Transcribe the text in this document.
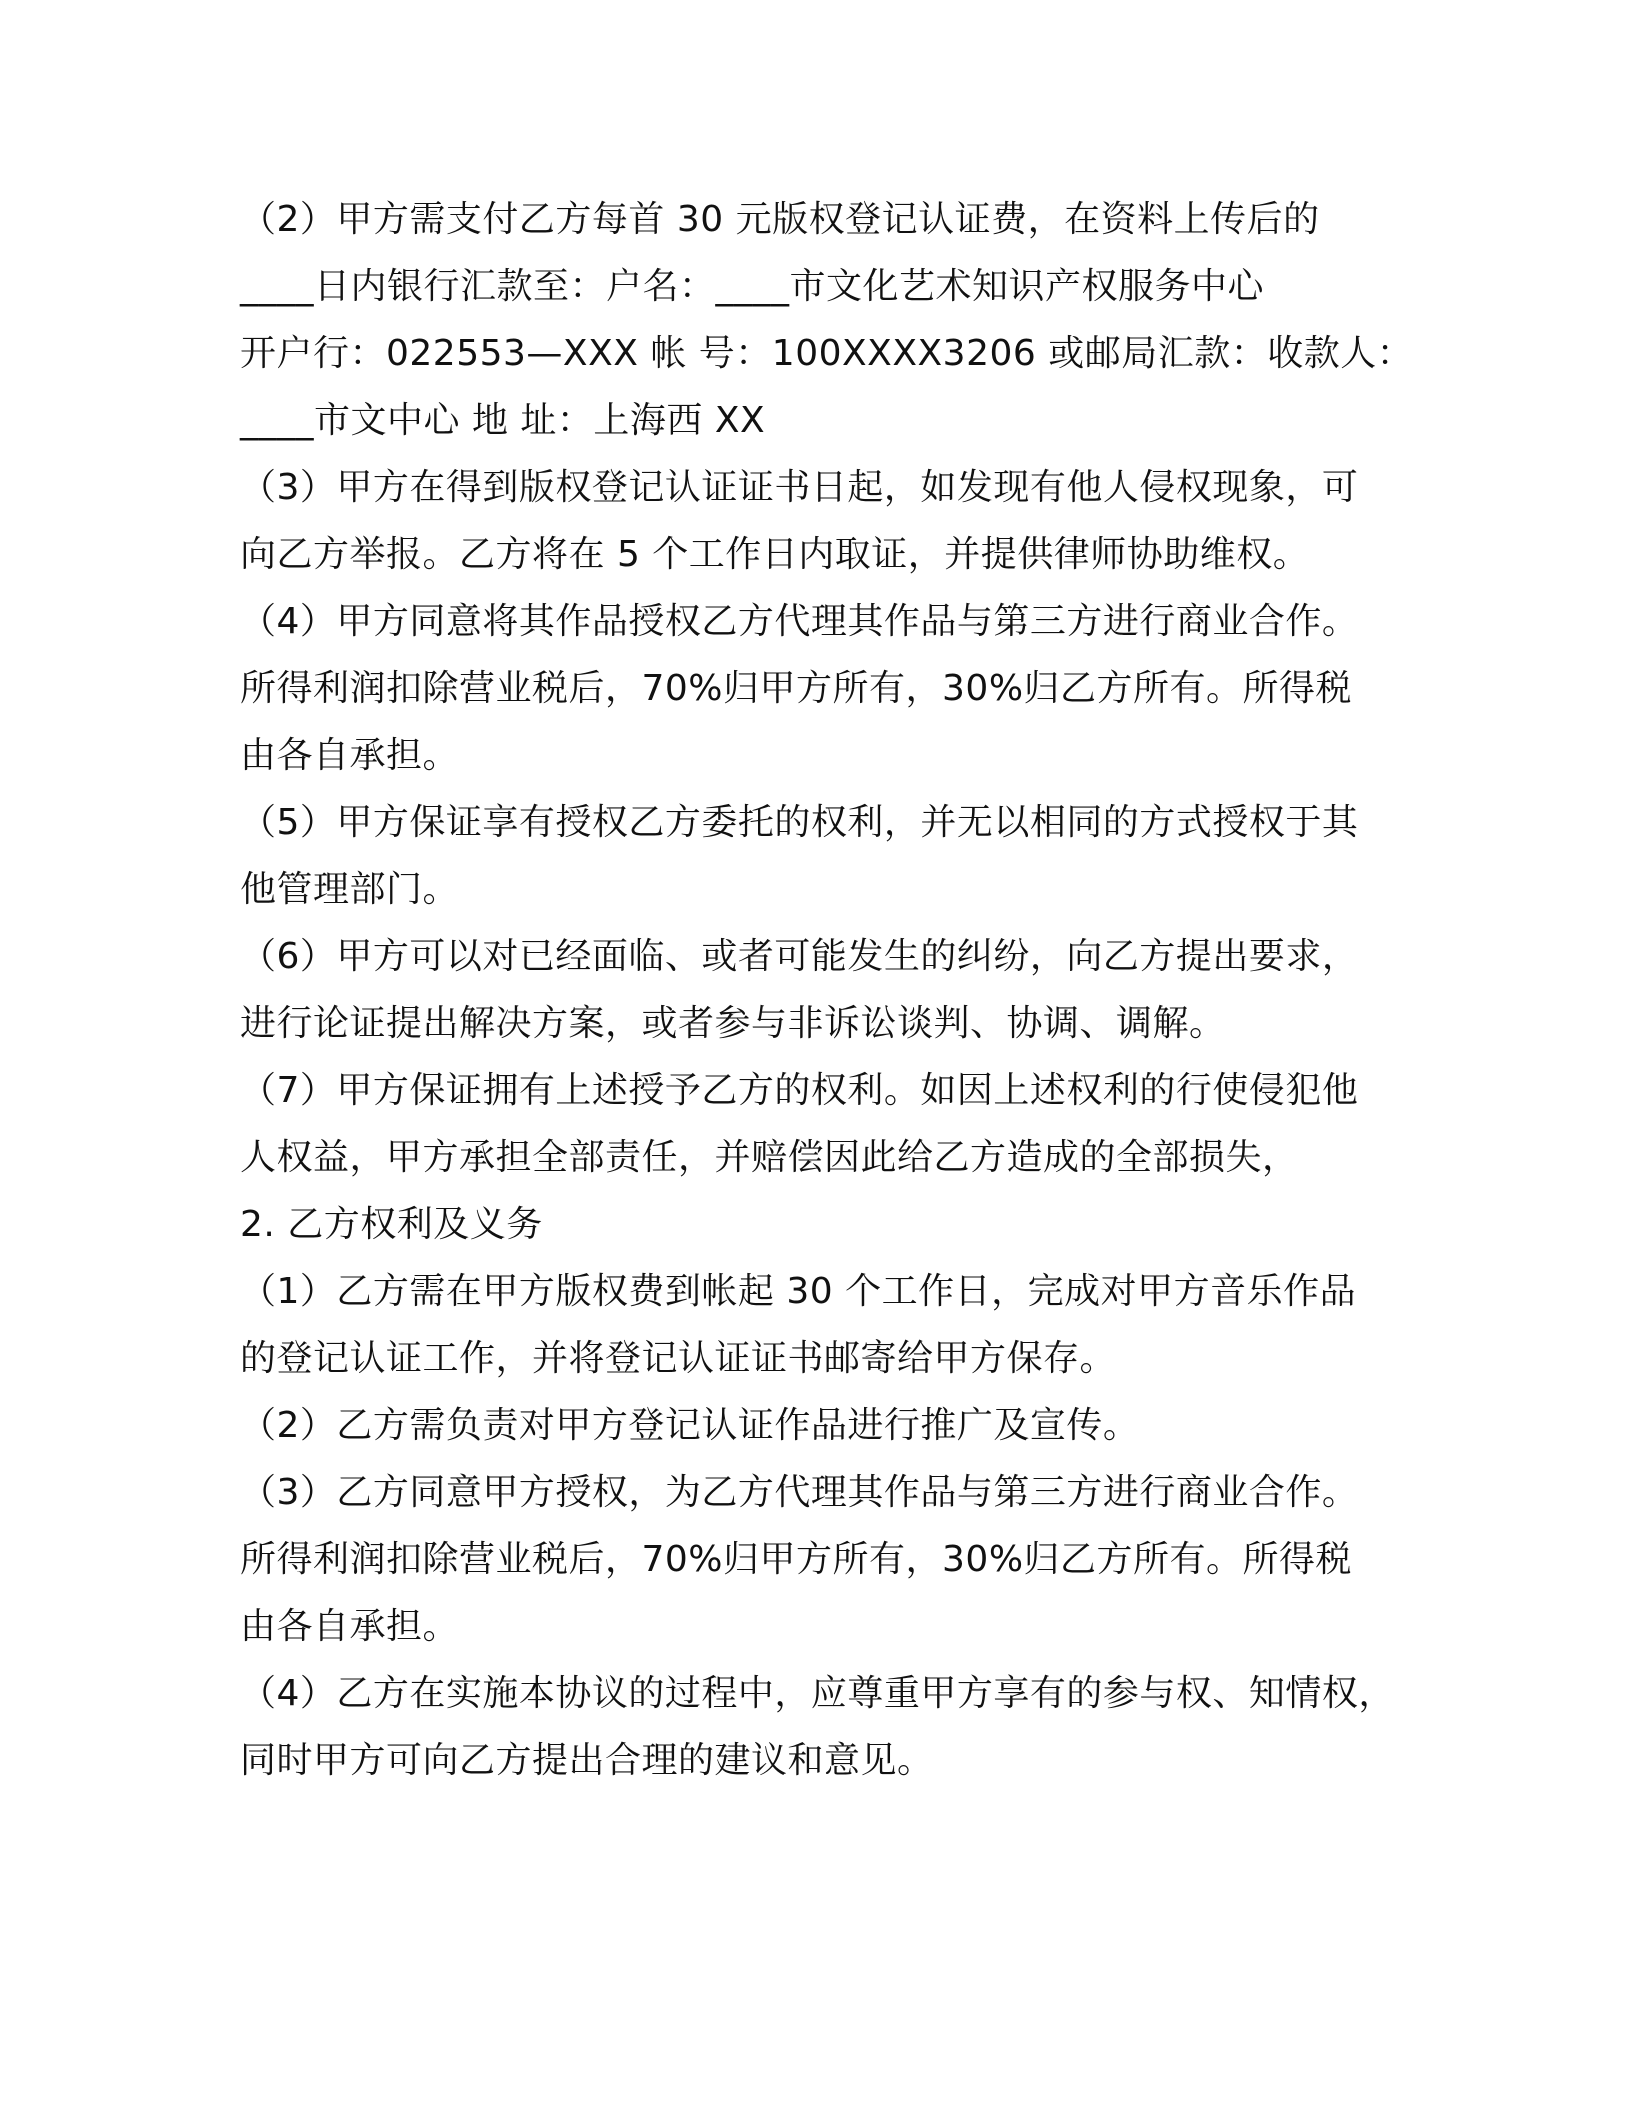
（2）甲方需支付乙方每首 30 元版权登记认证费，在资料上传后的
____日内银行汇款至：户名：____市文化艺术知识产权服务中心
开户行：022553—XXX 帐 号：100XXXX3206 或邮局汇款：收款人：
____市文中心 地 址：上海西 XX
（3）甲方在得到版权登记认证证书日起，如发现有他人侵权现象，可
向乙方举报。乙方将在 5 个工作日内取证，并提供律师协助维权。
（4）甲方同意将其作品授权乙方代理其作品与第三方进行商业合作。
所得利润扣除营业税后，70%归甲方所有，30%归乙方所有。所得税
由各自承担。
（5）甲方保证享有授权乙方委托的权利，并无以相同的方式授权于其
他管理部门。
（6）甲方可以对已经面临、或者可能发生的纠纷，向乙方提出要求，
进行论证提出解决方案，或者参与非诉讼谈判、协调、调解。
（7）甲方保证拥有上述授予乙方的权利。如因上述权利的行使侵犯他
人权益，甲方承担全部责任，并赔偿因此给乙方造成的全部损失，
2. 乙方权利及义务
（1）乙方需在甲方版权费到帐起 30 个工作日，完成对甲方音乐作品
的登记认证工作，并将登记认证证书邮寄给甲方保存。
（2）乙方需负责对甲方登记认证作品进行推广及宣传。
（3）乙方同意甲方授权，为乙方代理其作品与第三方进行商业合作。
所得利润扣除营业税后，70%归甲方所有，30%归乙方所有。所得税
由各自承担。
（4）乙方在实施本协议的过程中，应尊重甲方享有的参与权、知情权，
同时甲方可向乙方提出合理的建议和意见。
